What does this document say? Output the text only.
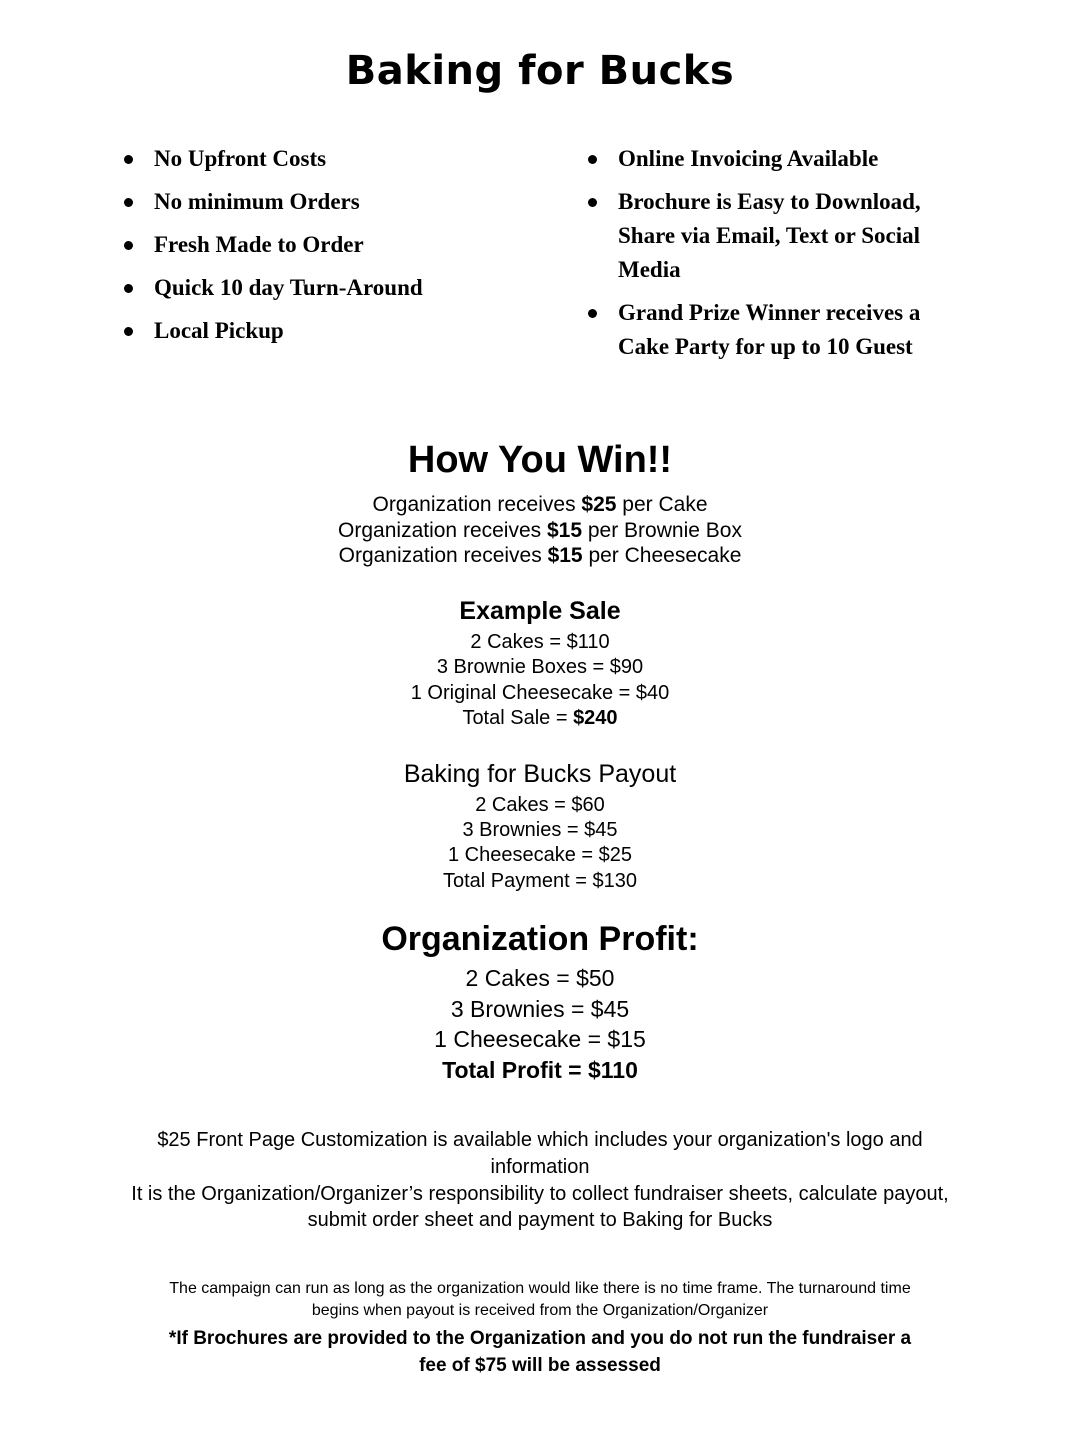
Baking for Bucks
No Upfront Costs
No minimum Orders
Fresh Made to Order
Quick 10 day Turn-Around
Local Pickup
Online Invoicing Available
Brochure is Easy to Download, Share via Email, Text or Social Media
Grand Prize Winner receives a Cake Party for up to 10 Guest
How You Win!!
Organization receives $25 per Cake
Organization receives $15 per Brownie Box
Organization receives $15 per Cheesecake
Example Sale
2 Cakes = $110
3 Brownie Boxes = $90
1 Original Cheesecake = $40
Total Sale = $240
Baking for Bucks Payout
2 Cakes = $60
3 Brownies = $45
1 Cheesecake = $25
Total Payment = $130
Organization Profit:
2 Cakes = $50
3 Brownies = $45
1 Cheesecake = $15
Total Profit = $110

$25 Front Page Customization is available which includes your organization's logo and information

It is the Organization/Organizer’s responsibility to collect fundraiser sheets, calculate payout, submit order sheet and payment to Baking for Bucks

The campaign can run as long as the organization would like there is no time frame. The turnaround time begins when payout is received from the Organization/Organizer

*If Brochures are provided to the Organization and you do not run the fundraiser a fee of $75 will be assessed
